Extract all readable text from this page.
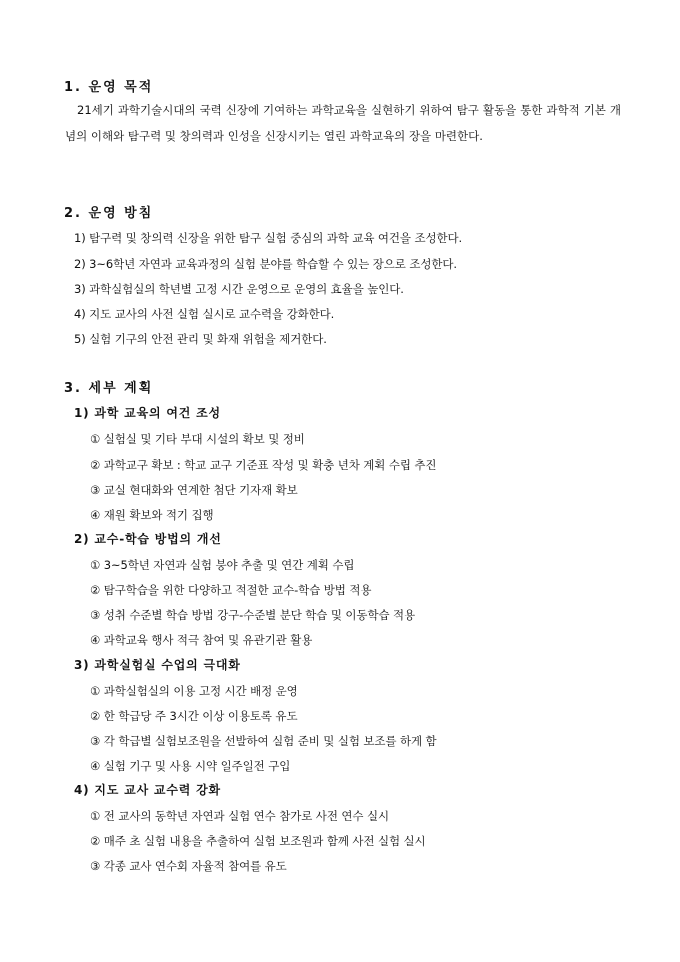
1. 운영 목적
21세기 과학기술시대의 국력 신장에 기여하는 과학교육을 실현하기 위하여 탐구 활동을 통한 과학적 기본 개념의 이해와 탐구력 및 창의력과 인성을 신장시키는 열린 과학교육의 장을 마련한다.
2. 운영 방침
1) 탐구력 및 창의력 신장을 위한 탐구 실험 중심의 과학 교육 여건을 조성한다.
2) 3~6학년 자연과 교육과정의 실험 분야를 학습할 수 있는 장으로 조성한다.
3) 과학실험실의 학년별 고정 시간 운영으로 운영의 효율을 높인다.
4) 지도 교사의 사전 실험 실시로 교수력을 강화한다.
5) 실험 기구의 안전 관리 및 화재 위험을 제거한다.
3. 세부 계획
1) 과학 교육의 여건 조성
① 실험실 및 기타 부대 시설의 확보 및 정비
② 과학교구 확보 : 학교 교구 기준표 작성 및 확충 년차 계획 수립 추진
③ 교실 현대화와 연계한 첨단 기자재 확보
④ 재원 확보와 적기 집행
2) 교수-학습 방법의 개선
① 3~5학년 자연과 실험 붕야 추출 및 연간 계획 수립
② 탐구학습을 위한 다양하고 적절한 교수-학습 방법 적용
③ 성취 수준별 학습 방법 강구-수준별 분단 학습 및 이동학습 적용
④ 과학교육 행사 적극 참여 및 유관기관 활용
3) 과학실험실 수업의 극대화
① 과학실험실의 이용 고정 시간 배정 운영
② 한 학급당 주 3시간 이상 이용토록 유도
③ 각 학급별 실험보조원을 선발하여 실험 준비 및 실험 보조를 하게 함
④ 실험 기구 및 사용 시약 일주일전 구입
4) 지도 교사 교수력 강화
① 전 교사의 동학년 자연과 실험 연수 참가로 사전 연수 실시
② 매주 초 실험 내용을 추출하여 실험 보조원과 함께 사전 실험 실시
③ 각종 교사 연수회 자율적 참여를 유도
